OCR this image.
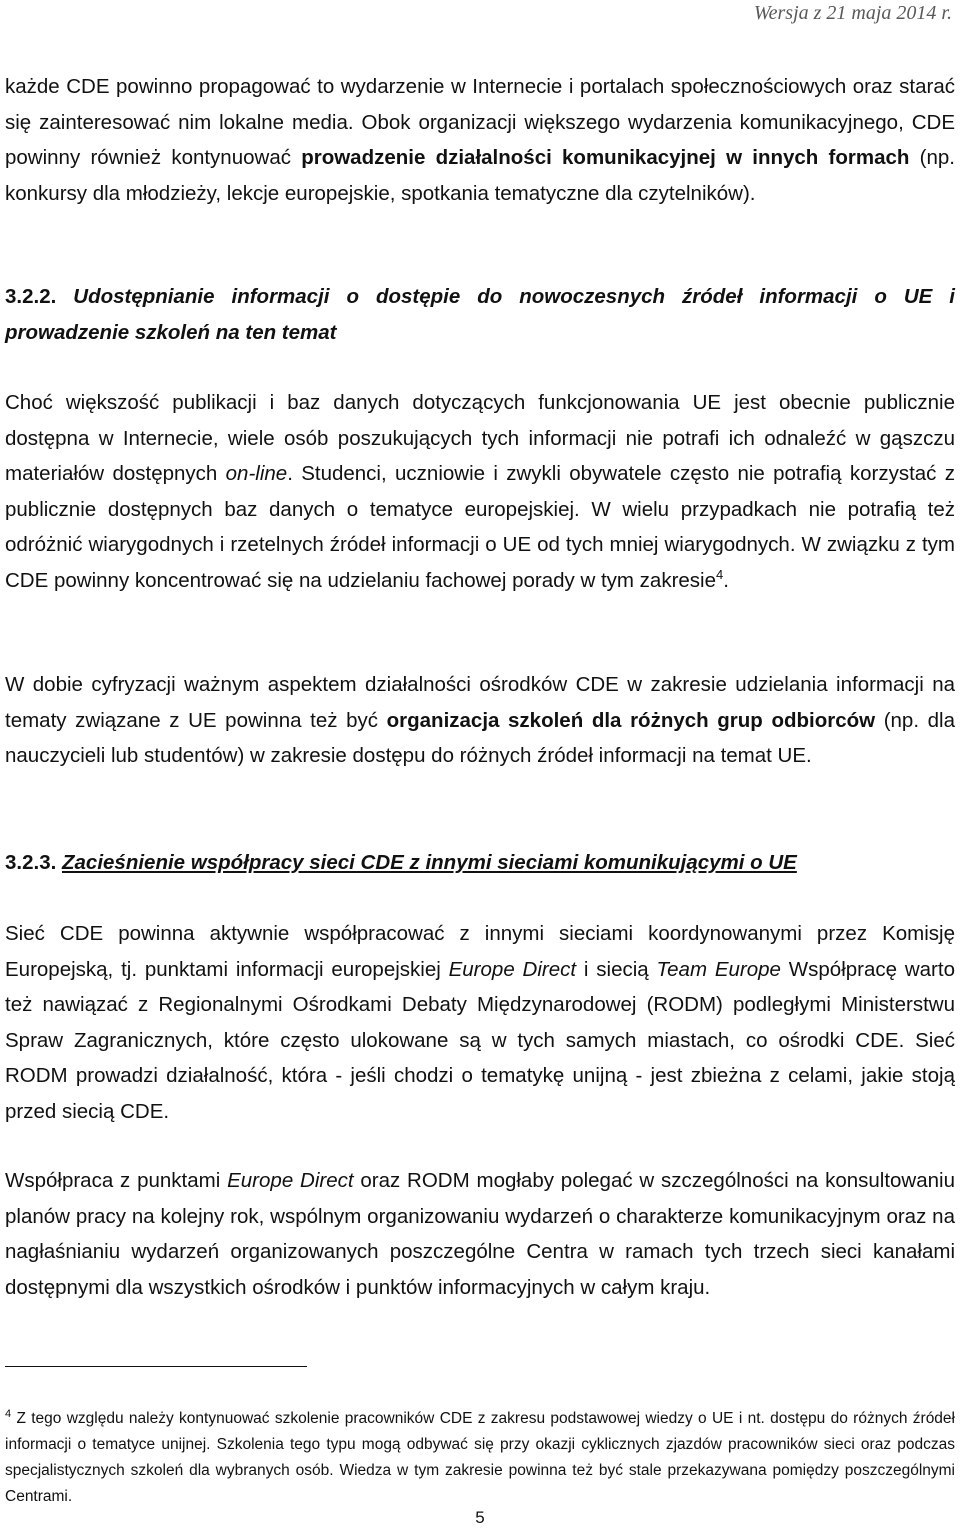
Wersja z 21 maja 2014 r.

każde CDE powinno propagować to wydarzenie w Internecie i portalach społecznościowych oraz starać się zainteresować nim lokalne media. Obok organizacji większego wydarzenia komunikacyjnego, CDE powinny również kontynuować prowadzenie działalności komunikacyjnej w innych formach (np. konkursy dla młodzieży, lekcje europejskie, spotkania tematyczne dla czytelników).

3.2.2. Udostępnianie informacji o dostępie do nowoczesnych źródeł informacji o UE i prowadzenie szkoleń na ten temat

Choć większość publikacji i baz danych dotyczących funkcjonowania UE jest obecnie publicznie dostępna w Internecie, wiele osób poszukujących tych informacji nie potrafi ich odnaleźć w gąszczu materiałów dostępnych on-line. Studenci, uczniowie i zwykli obywatele często nie potrafią korzystać z publicznie dostępnych baz danych o tematyce europejskiej. W wielu przypadkach nie potrafią też odróżnić wiarygodnych i rzetelnych źródeł informacji o UE od tych mniej wiarygodnych. W związku z tym CDE powinny koncentrować się na udzielaniu fachowej porady w tym zakresie$^4$.

W dobie cyfryzacji ważnym aspektem działalności ośrodków CDE w zakresie udzielania informacji na tematy związane z UE powinna też być organizacja szkoleń dla różnych grup odbiorców (np. dla nauczycieli lub studentów) w zakresie dostępu do różnych źródeł informacji na temat UE.

3.2.3. Zacieśnienie współpracy sieci CDE z innymi sieciami komunikującymi o UE

Sieć CDE powinna aktywnie współpracować z innymi sieciami koordynowanymi przez Komisję Europejską, tj. punktami informacji europejskiej Europe Direct i siecią Team Europe Współpracę warto też nawiązać z Regionalnymi Ośrodkami Debaty Międzynarodowej (RODM) podległymi Ministerstwu Spraw Zagranicznych, które często ulokowane są w tych samych miastach, co ośrodki CDE. Sieć RODM prowadzi działalność, która - jeśli chodzi o tematykę unijną - jest zbieżna z celami, jakie stoją przed siecią CDE.

Współpraca z punktami Europe Direct oraz RODM mogłaby polegać w szczególności na konsultowaniu planów pracy na kolejny rok, wspólnym organizowaniu wydarzeń o charakterze komunikacyjnym oraz na nagłaśnianiu wydarzeń organizowanych poszczególne Centra w ramach tych trzech sieci kanałami dostępnymi dla wszystkich ośrodków i punktów informacyjnych w całym kraju.

$^4$ Z tego względu należy kontynuować szkolenie pracowników CDE z zakresu podstawowej wiedzy o UE i nt. dostępu do różnych źródeł informacji o tematyce unijnej. Szkolenia tego typu mogą odbywać się przy okazji cyklicznych zjazdów pracowników sieci oraz podczas specjalistycznych szkoleń dla wybranych osób. Wiedza w tym zakresie powinna też być stale przekazywana pomiędzy poszczególnymi Centrami.

5
